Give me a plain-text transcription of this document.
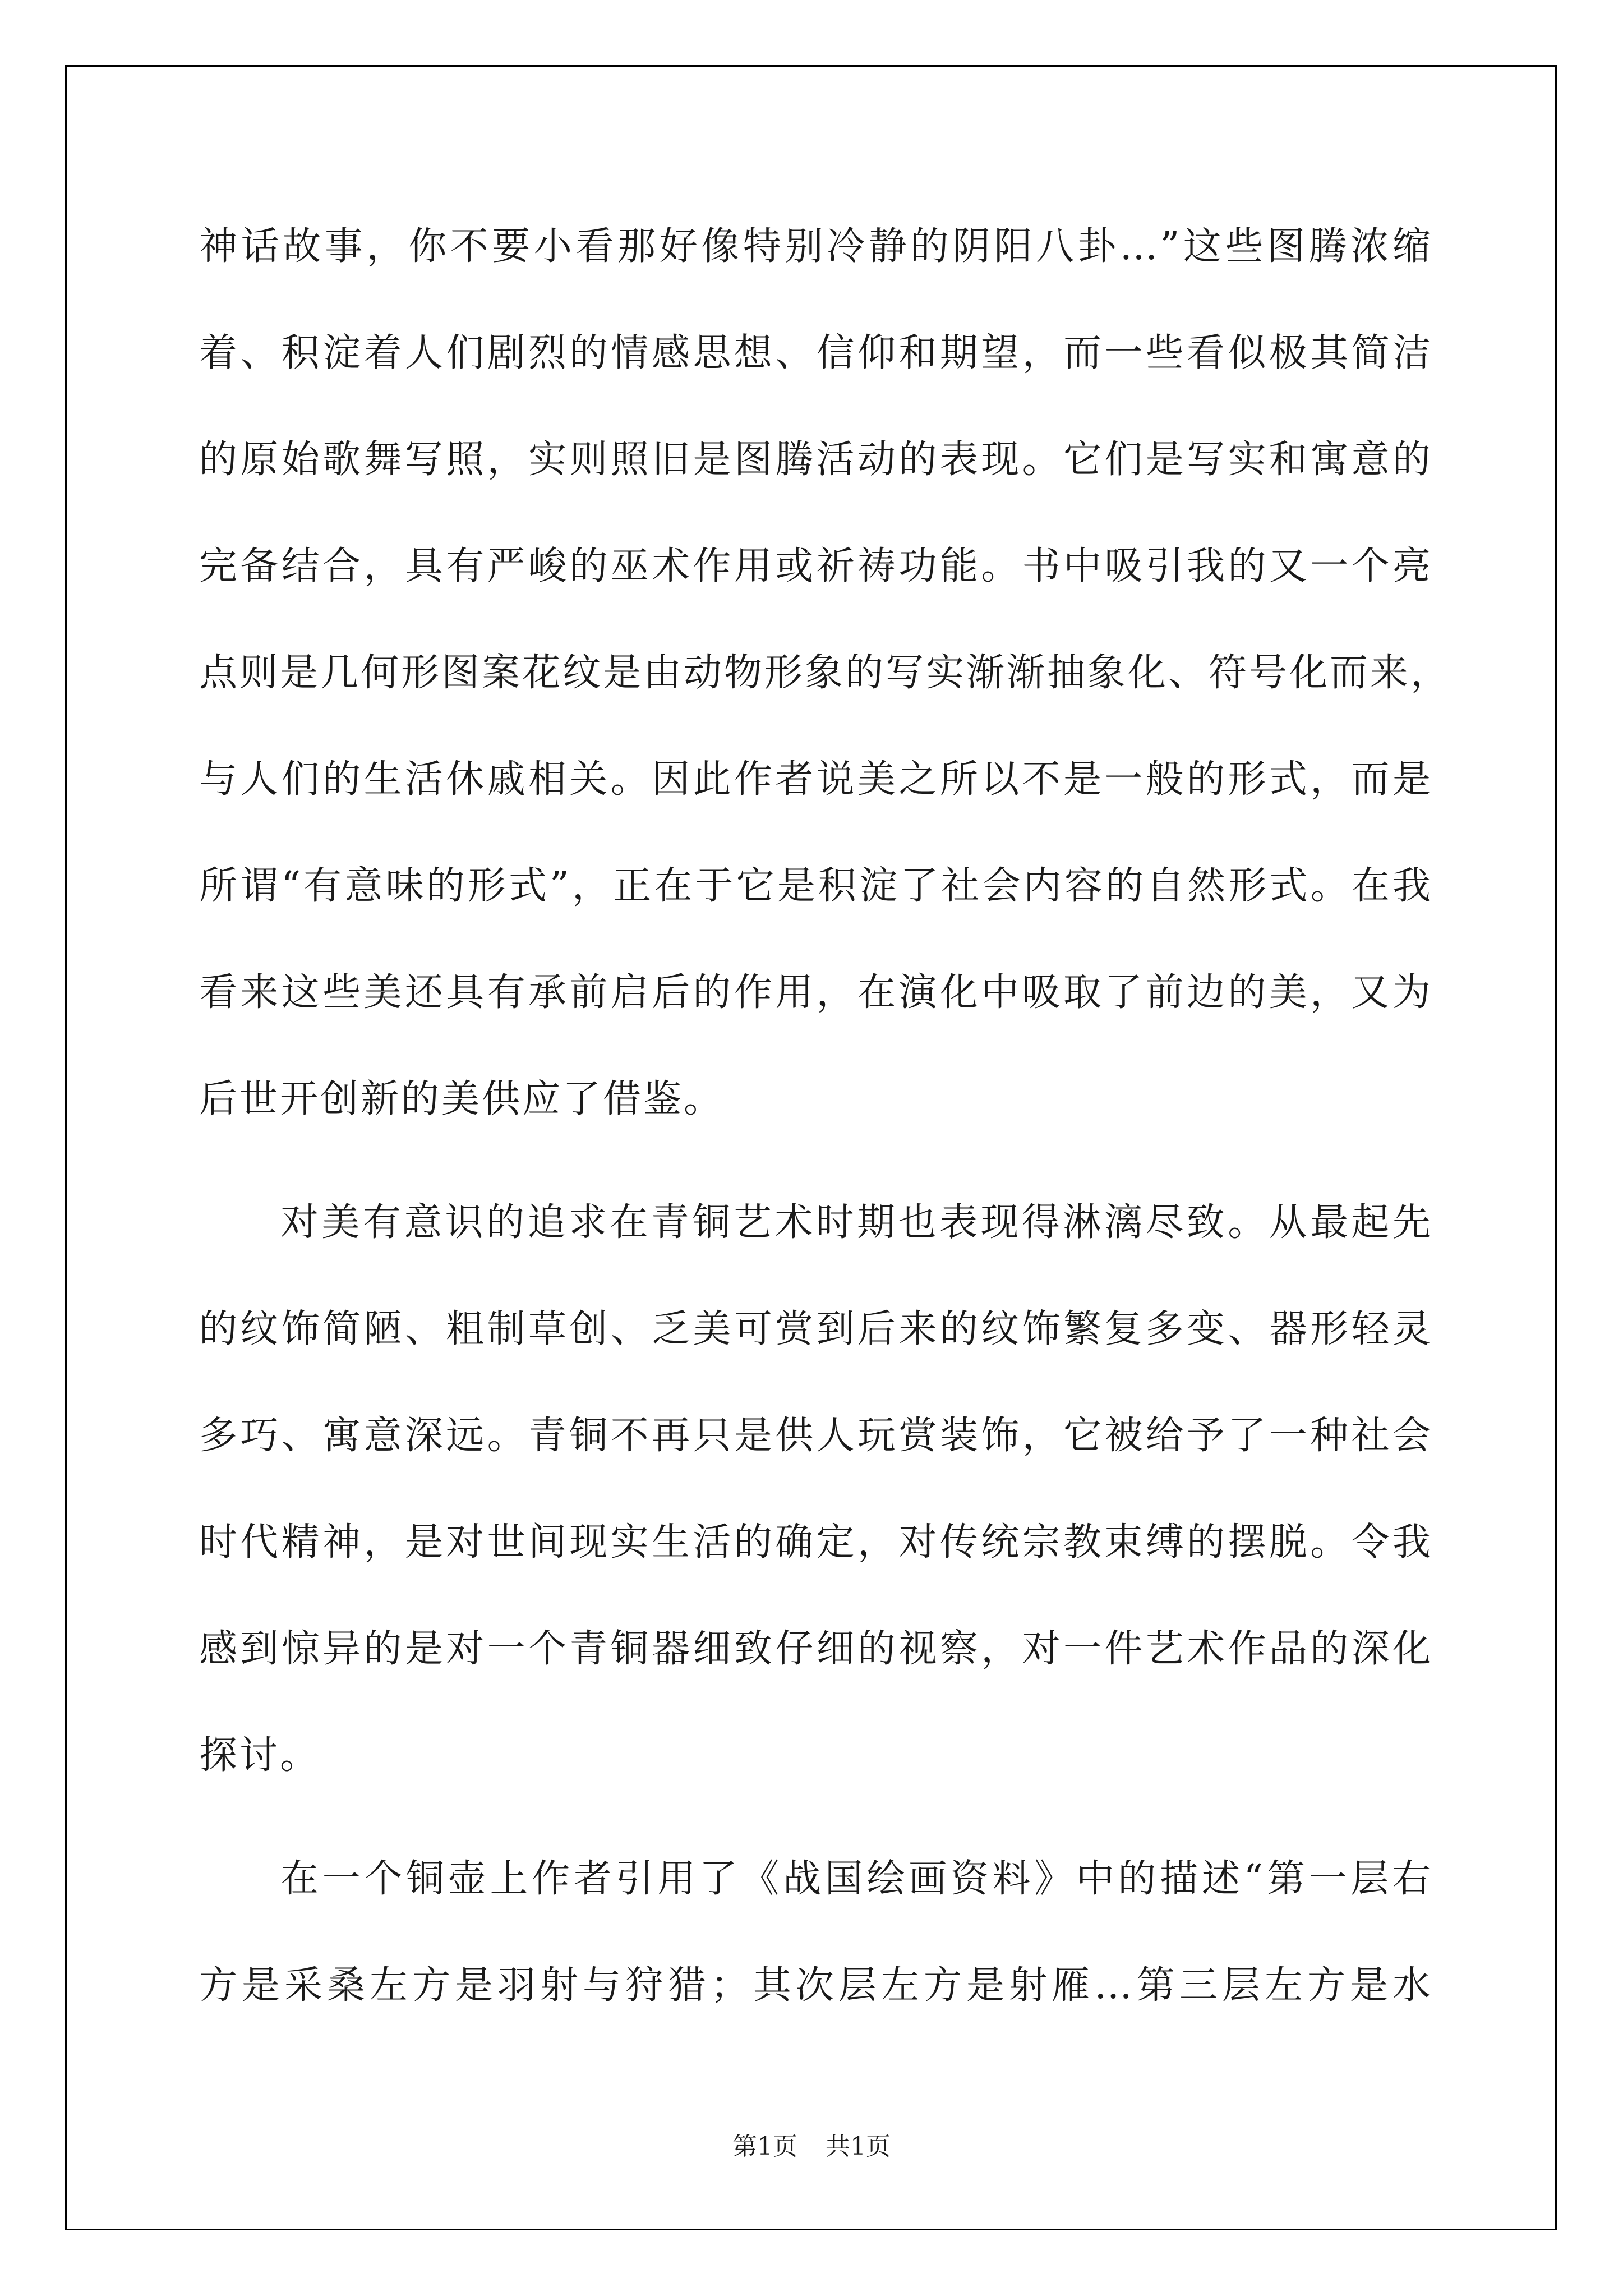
神话故事，你不要小看那好像特别冷静的阴阳八卦…”这些图腾浓缩
着、积淀着人们剧烈的情感思想、信仰和期望，而一些看似极其简洁
的原始歌舞写照，实则照旧是图腾活动的表现。它们是写实和寓意的
完备结合，具有严峻的巫术作用或祈祷功能。书中吸引我的又一个亮
点则是几何形图案花纹是由动物形象的写实渐渐抽象化、符号化而来，
与人们的生活休戚相关。因此作者说美之所以不是一般的形式，而是
所谓“有意味的形式”，正在于它是积淀了社会内容的自然形式。在我
看来这些美还具有承前启后的作用，在演化中吸取了前边的美，又为
后世开创新的美供应了借鉴。
对美有意识的追求在青铜艺术时期也表现得淋漓尽致。从最起先
的纹饰简陋、粗制草创、乏美可赏到后来的纹饰繁复多变、器形轻灵
多巧、寓意深远。青铜不再只是供人玩赏装饰，它被给予了一种社会
时代精神，是对世间现实生活的确定，对传统宗教束缚的摆脱。令我
感到惊异的是对一个青铜器细致仔细的视察，对一件艺术作品的深化
探讨。
在一个铜壶上作者引用了《战国绘画资料》中的描述“第一层右
方是采桑左方是羽射与狩猎；其次层左方是射雁…第三层左方是水
第1页 共1页
